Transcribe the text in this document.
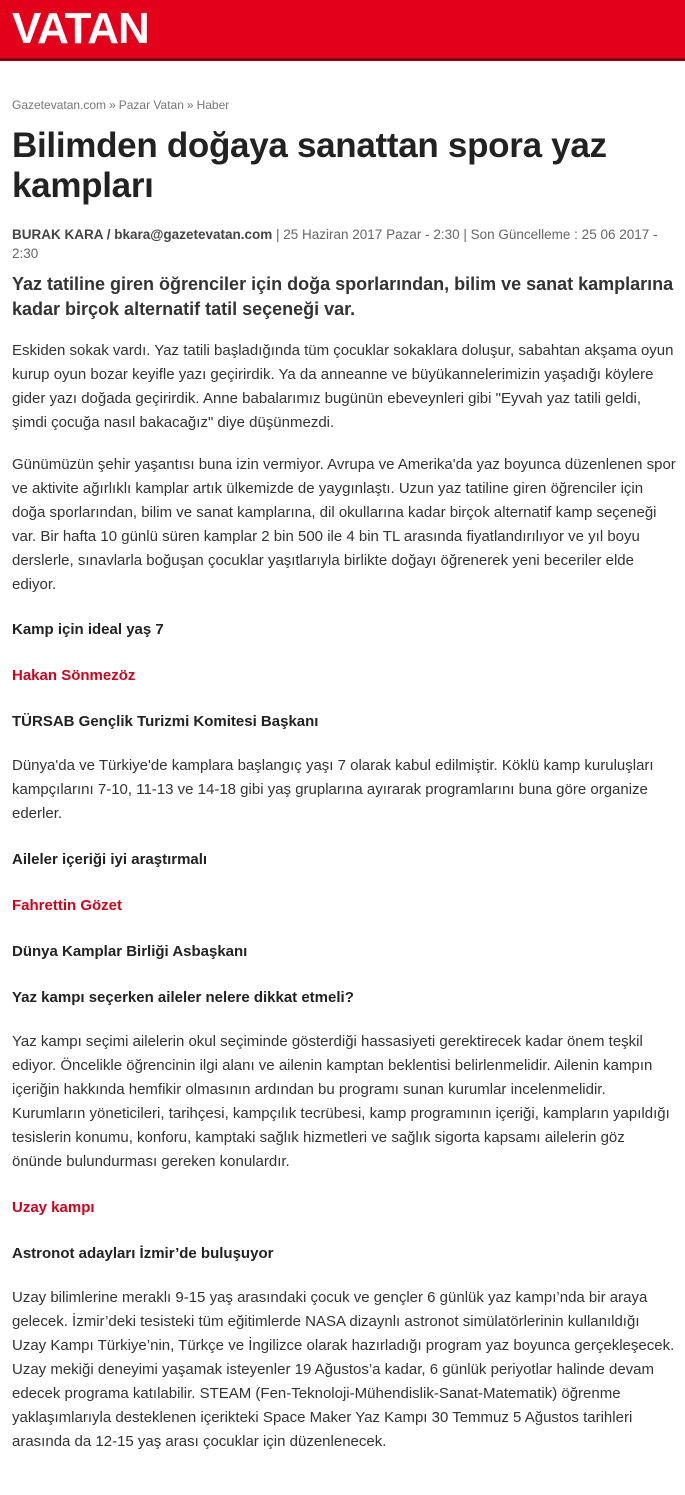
VATAN
Gazetevatan.com » Pazar Vatan » Haber
Bilimden doğaya sanattan spora yaz kampları
BURAK KARA / bkara@gazetevatan.com | 25 Haziran 2017 Pazar - 2:30 | Son Güncelleme : 25 06 2017 - 2:30
Yaz tatiline giren öğrenciler için doğa sporlarından, bilim ve sanat kamplarına kadar birçok alternatif tatil seçeneği var.

Eskiden sokak vardı. Yaz tatili başladığında tüm çocuklar sokaklara doluşur, sabahtan akşama oyun kurup oyun bozar keyifle yazı geçirirdik. Ya da anneanne ve büyükannelerimizin yaşadığı köylere gider yazı doğada geçirirdik. Anne babalarımız bugünün ebeveynleri gibi "Eyvah yaz tatili geldi, şimdi çocuğa nasıl bakacağız" diye düşünmezdi.

Günümüzün şehir yaşantısı buna izin vermiyor. Avrupa ve Amerika'da yaz boyunca düzenlenen spor ve aktivite ağırlıklı kamplar artık ülkemizde de yaygınlaştı. Uzun yaz tatiline giren öğrenciler için doğa sporlarından, bilim ve sanat kamplarına, dil okullarına kadar birçok alternatif kamp seçeneği var. Bir hafta 10 günlü süren kamplar 2 bin 500 ile 4 bin TL arasında fiyatlandırılıyor ve yıl boyu derslerle, sınavlarla boğuşan çocuklar yaşıtlarıyla birlikte doğayı öğrenerek yeni beceriler elde ediyor.

Kamp için ideal yaş 7

Hakan Sönmezöz

TÜRSAB Gençlik Turizmi Komitesi Başkanı

Dünya'da ve Türkiye'de kamplara başlangıç yaşı 7 olarak kabul edilmiştir. Köklü kamp kuruluşları kampçılarını 7-10, 11-13 ve 14-18 gibi yaş gruplarına ayırarak programlarını buna göre organize ederler.

Aileler içeriği iyi araştırmalı

Fahrettin Gözet

Dünya Kamplar Birliği Asbaşkanı

Yaz kampı seçerken aileler nelere dikkat etmeli?

Yaz kampı seçimi ailelerin okul seçiminde gösterdiği hassasiyeti gerektirecek kadar önem teşkil ediyor. Öncelikle öğrencinin ilgi alanı ve ailenin kamptan beklentisi belirlenmelidir. Ailenin kampın içeriğin hakkında hemfikir olmasının ardından bu programı sunan kurumlar incelenmelidir. Kurumların yöneticileri, tarihçesi, kampçılık tecrübesi, kamp programının içeriği, kampların yapıldığı tesislerin konumu, konforu, kamptaki sağlık hizmetleri ve sağlık sigorta kapsamı ailelerin göz önünde bulundurması gereken konulardır.

Uzay kampı

Astronot adayları İzmir’de buluşuyor

Uzay bilimlerine meraklı 9-15 yaş arasındaki çocuk ve gençler 6 günlük yaz kampı’nda bir araya gelecek. İzmir’deki tesisteki tüm eğitimlerde NASA dizaynlı astronot simülatörlerinin kullanıldığı Uzay Kampı Türkiye’nin, Türkçe ve İngilizce olarak hazırladığı program yaz boyunca gerçekleşecek. Uzay mekiği deneyimi yaşamak isteyenler 19 Ağustos’a kadar, 6 günlük periyotlar halinde devam edecek programa katılabilir. STEAM (Fen-Teknoloji-Mühendislik-Sanat-Matematik) öğrenme yaklaşımlarıyla desteklenen içerikteki Space Maker Yaz Kampı 30 Temmuz 5 Ağustos tarihleri arasında da 12-15 yaş arası çocuklar için düzenlenecek.
